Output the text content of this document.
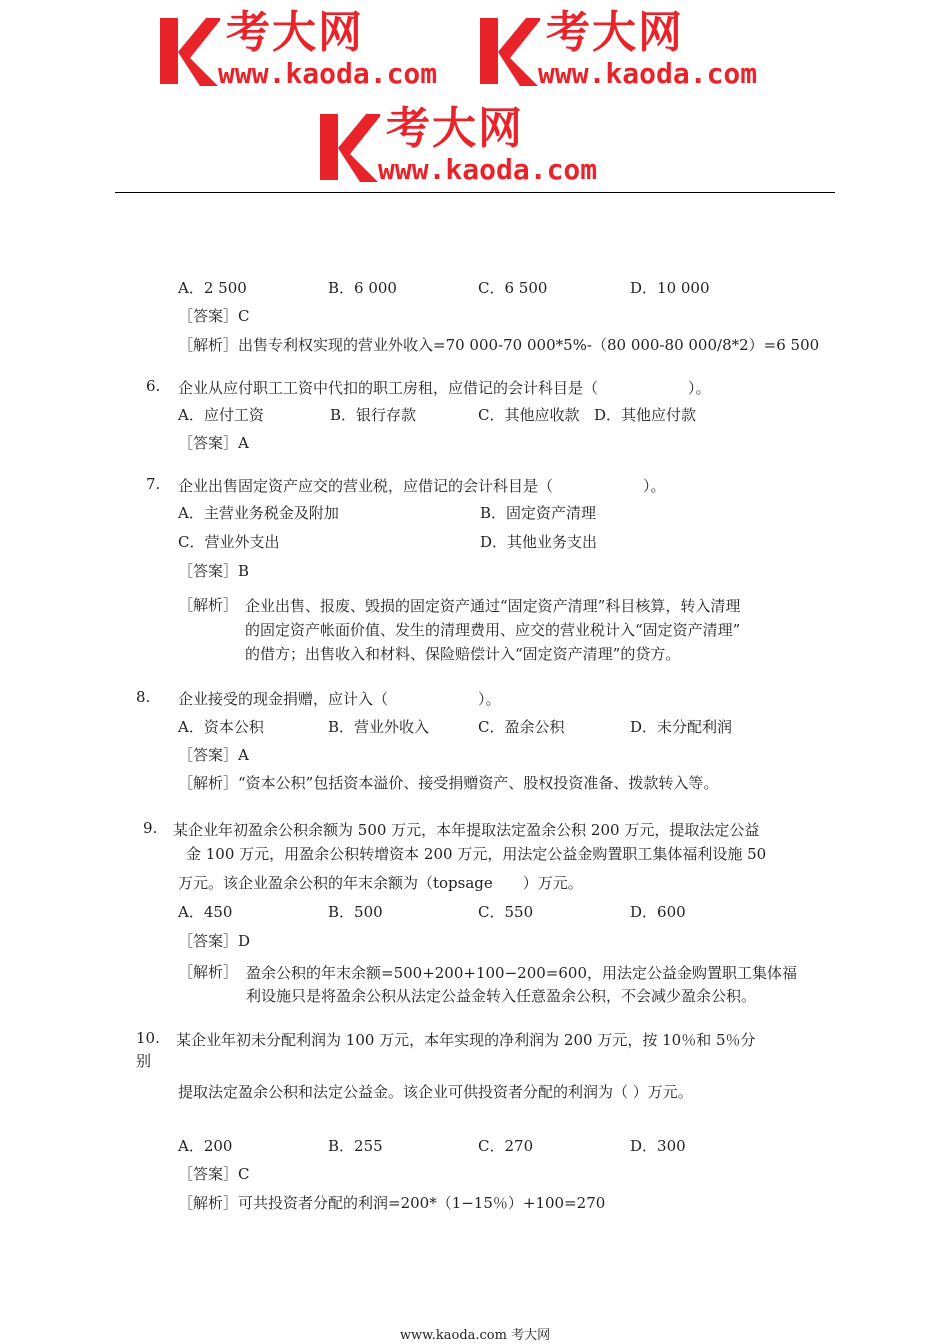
考大网
www.kaoda.com
考大网
www.kaoda.com
考大网
www.kaoda.com
A．2 500	B．6 000	C．6 500	D．10 000
［答案］C
［解析］出售专利权实现的营业外收入=70 000-70 000*5%-（80 000-80 000/8*2）=6 500
6. 企业从应付职工工资中代扣的职工房租，应借记的会计科目是（　　　　　　）。
A．应付工资	B．银行存款	C．其他应收款 D．其他应付款
［答案］A
7. 企业出售固定资产应交的营业税，应借记的会计科目是（　　　　　　）。
A．主营业务税金及附加	B．固定资产清理
C．营业外支出	D．其他业务支出
［答案］B
［解析］ 企业出售、报废、毁损的固定资产通过“固定资产清理”科目核算，转入清理
的固定资产帐面价值、发生的清理费用、应交的营业税计入“固定资产清理”
的借方；出售收入和材料、保险赔偿计入“固定资产清理”的贷方。
8. 企业接受的现金捐赠，应计入（　　　　　　）。
A．资本公积	B．营业外收入	C．盈余公积	D．未分配利润
［答案］A
［解析］“资本公积”包括资本溢价、接受捐赠资产、股权投资准备、拨款转入等。
9. 某企业年初盈余公积余额为 500 万元，本年提取法定盈余公积 200 万元，提取法定公益
金 100 万元，用盈余公积转增资本 200 万元，用法定公益金购置职工集体福利设施 50
万元。该企业盈余公积的年末余额为（topsage　　）万元。
A．450	B．500	C．550	D．600
［答案］D
［解析］ 盈余公积的年末余额=500+200+100−200=600，用法定公益金购置职工集体福
利设施只是将盈余公积从法定公益金转入任意盈余公积，不会减少盈余公积。
10. 某企业年初未分配利润为 100 万元，本年实现的净利润为 200 万元，按 10％和 5％分
别
提取法定盈余公积和法定公益金。该企业可供投资者分配的利润为（ ）万元。
A．200	B．255	C．270	D．300
［答案］C
［解析］可共投资者分配的利润=200*（1−15％）+100=270
www.kaoda.com 考大网
